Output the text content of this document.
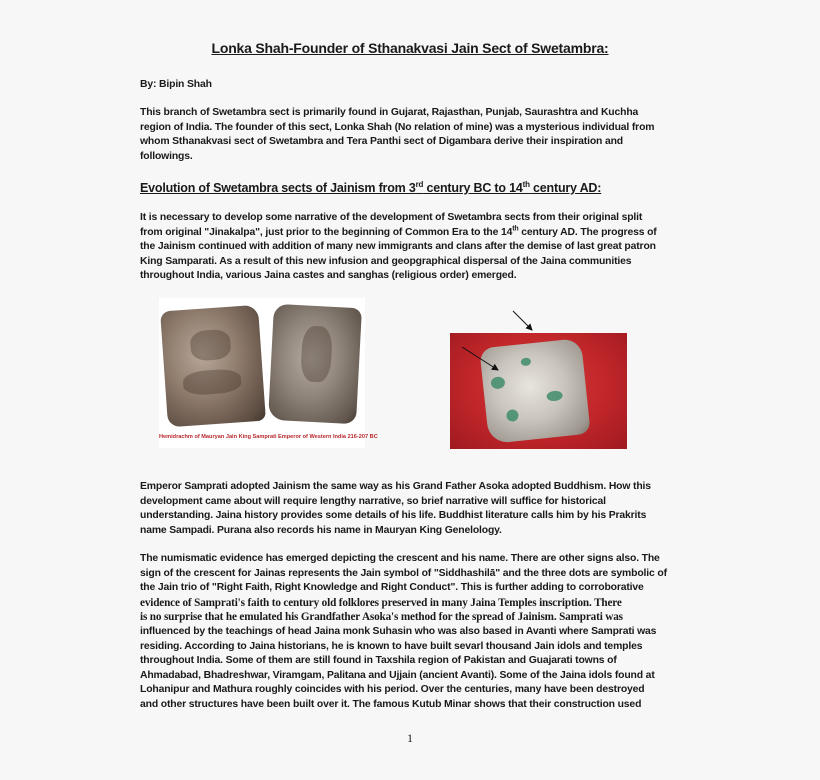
Lonka Shah-Founder of Sthanakvasi Jain Sect of Swetambra:

By: Bipin Shah

This branch of Swetambra sect is primarily found in Gujarat, Rajasthan, Punjab, Saurashtra and Kuchha

region of India. The founder of this sect, Lonka Shah (No relation of mine) was a mysterious individual from

whom Sthanakvasi sect of Swetambra and Tera Panthi sect of Digambara derive their inspiration and

followings.

Evolution of Swetambra sects of Jainism from 3rd century BC to 14th century AD:

It is necessary to develop some narrative of the development of Swetambra sects from their original split

from original "Jinakalpa", just prior to the beginning of Common Era to the 14th century AD. The progress of

the Jainism continued with addition of many new immigrants and clans after the demise of last great patron

King Samparati. As a result of this new infusion and geopgraphical dispersal of the Jaina communities

throughout India, various Jaina castes and sanghas (religious order) emerged.

Hemidrachm of Mauryan Jain King Samprati Emperor of Western India 216-207 BC

Emperor Samprati adopted Jainism the same way as his Grand Father Asoka adopted Buddhism. How this

development came about will require lengthy narrative, so brief narrative will suffice for historical

understanding. Jaina history provides some details of his life. Buddhist literature calls him by his Prakrits

name Sampadi. Purana also records his name in Mauryan King Genelology.

The numismatic evidence has emerged depicting the crescent and his name. There are other signs also. The

sign of the crescent for Jainas represents the Jain symbol of "Siddhashilā" and the three dots are symbolic of

the Jain trio of "Right Faith, Right Knowledge and Right Conduct". This is further adding to corroborative

evidence of Samprati's faith to century old folklores preserved in many Jaina Temples inscription. There

is no surprise that he emulated his Grandfather Asoka's method for the spread of Jainism. Samprati was

influenced by the teachings of head Jaina monk Suhasin who was also based in Avanti where Samprati was

residing. According to Jaina historians, he is known to have built sevarl thousand Jain idols and temples

throughout India. Some of them are still found in Taxshila region of Pakistan and Guajarati towns of

Ahmadabad, Bhadreshwar, Viramgam, Palitana and Ujjain (ancient Avanti). Some of the Jaina idols found at

Lohanipur and Mathura roughly coincides with his period. Over the centuries, many have been destroyed

and other structures have been built over it. The famous Kutub Minar shows that their construction used

1
